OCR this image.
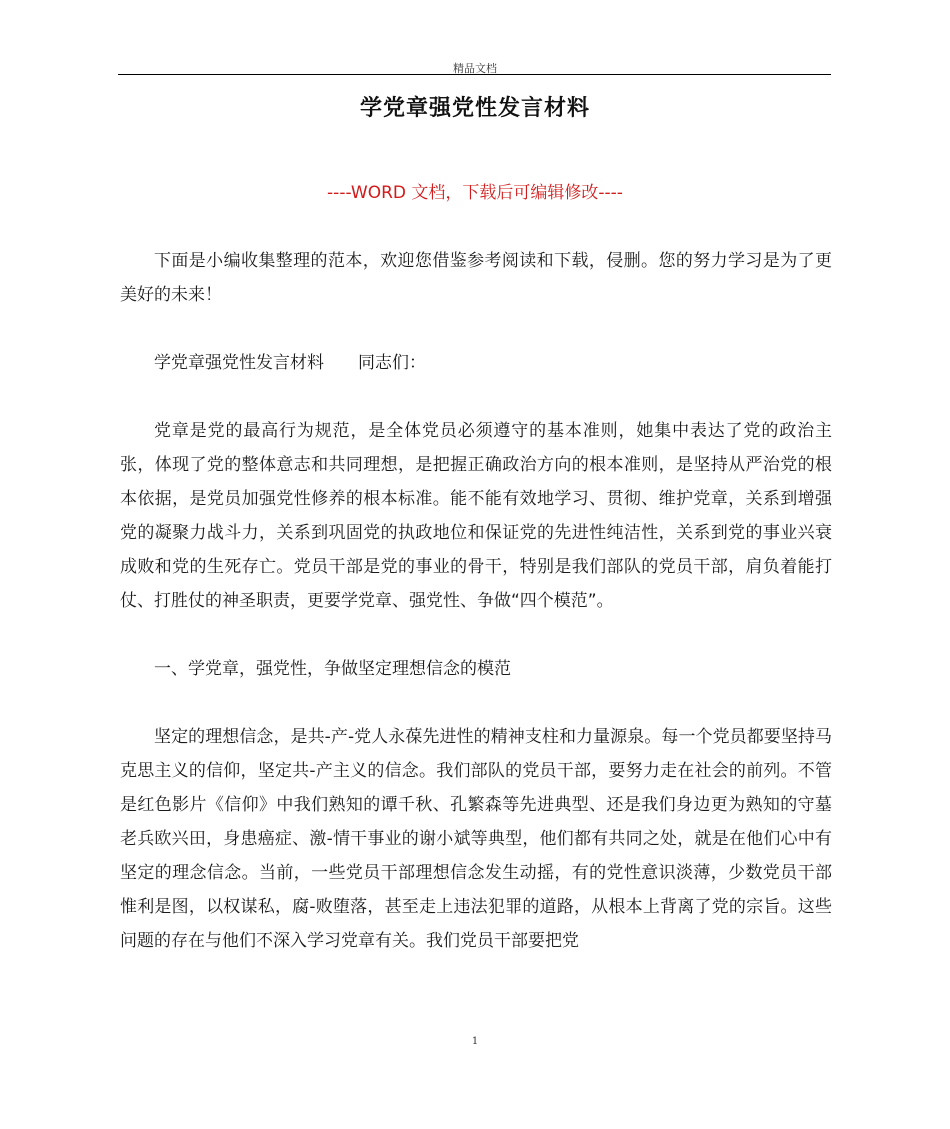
精品文档
学党章强党性发言材料
----WORD 文档，下载后可编辑修改----

下面是小编收集整理的范本，欢迎您借鉴参考阅读和下载，侵删。您的努力学习是为了更美好的未来！

学党章强党性发言材料　　同志们：

党章是党的最高行为规范，是全体党员必须遵守的基本准则，她集中表达了党的政治主张，体现了党的整体意志和共同理想，是把握正确政治方向的根本准则，是坚持从严治党的根本依据，是党员加强党性修养的根本标准。能不能有效地学习、贯彻、维护党章，关系到增强党的凝聚力战斗力，关系到巩固党的执政地位和保证党的先进性纯洁性，关系到党的事业兴衰成败和党的生死存亡。党员干部是党的事业的骨干，特别是我们部队的党员干部，肩负着能打仗、打胜仗的神圣职责，更要学党章、强党性、争做“四个模范”。

一、学党章，强党性，争做坚定理想信念的模范

坚定的理想信念，是共-产-党人永葆先进性的精神支柱和力量源泉。每一个党员都要坚持马克思主义的信仰，坚定共-产主义的信念。我们部队的党员干部，要努力走在社会的前列。不管是红色影片《信仰》中我们熟知的谭千秋、孔繁森等先进典型、还是我们身边更为熟知的守墓老兵欧兴田，身患癌症、激-情干事业的谢小斌等典型，他们都有共同之处，就是在他们心中有坚定的理念信念。当前，一些党员干部理想信念发生动摇，有的党性意识淡薄，少数党员干部惟利是图，以权谋私，腐-败堕落，甚至走上违法犯罪的道路，从根本上背离了党的宗旨。这些问题的存在与他们不深入学习党章有关。我们党员干部要把党

1
